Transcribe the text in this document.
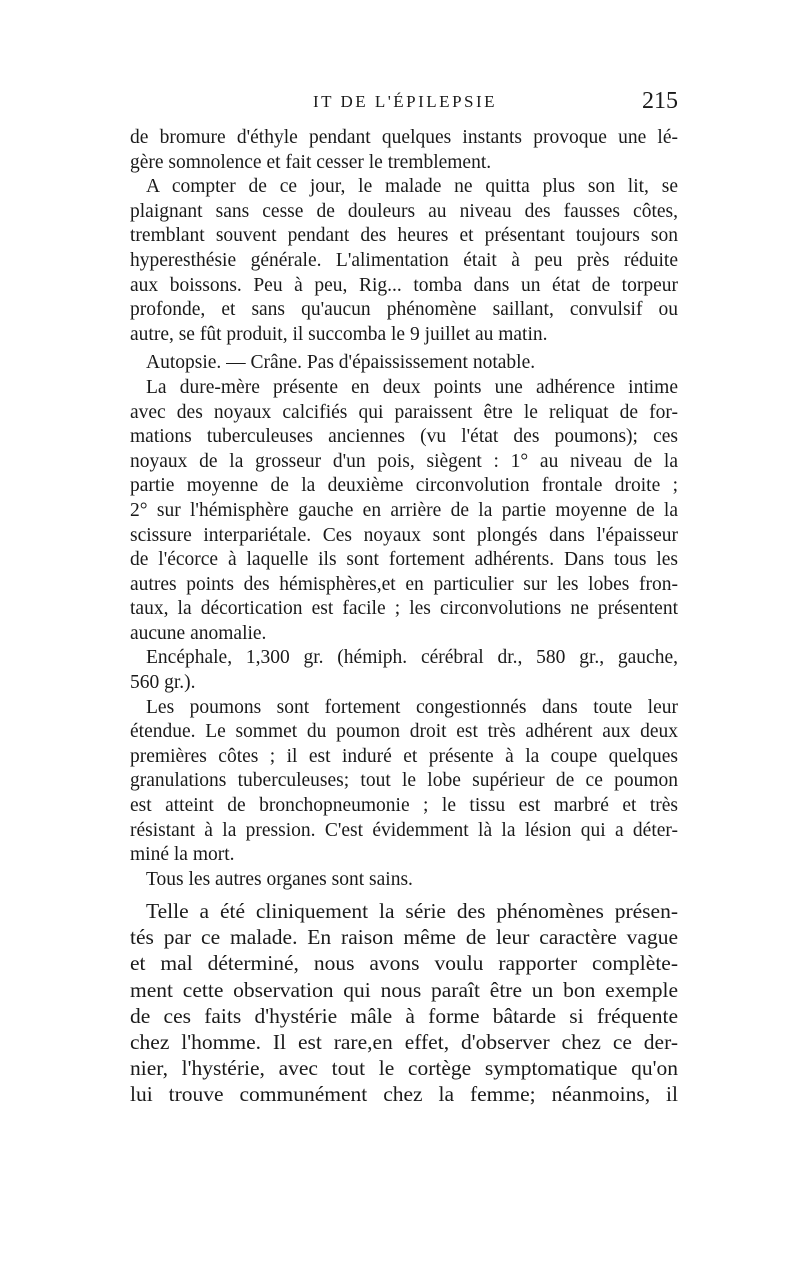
IT DE L'ÉPILEPSIE	215
de bromure d'éthyle pendant quelques instants provoque une lé-
gère somnolence et fait cesser le tremblement.
A compter de ce jour, le malade ne quitta plus son lit, se
plaignant sans cesse de douleurs au niveau des fausses côtes,
tremblant souvent pendant des heures et présentant toujours son
hyperesthésie générale. L'alimentation était à peu près réduite
aux boissons. Peu à peu, Rig... tomba dans un état de torpeur
profonde, et sans qu'aucun phénomène saillant, convulsif ou
autre, se fût produit, il succomba le 9 juillet au matin.
Autopsie. — Crâne. Pas d'épaississement notable.
La dure-mère présente en deux points une adhérence intime
avec des noyaux calcifiés qui paraissent être le reliquat de for-
mations tuberculeuses anciennes (vu l'état des poumons); ces
noyaux de la grosseur d'un pois, siègent : 1° au niveau de la
partie moyenne de la deuxième circonvolution frontale droite ;
2° sur l'hémisphère gauche en arrière de la partie moyenne de la
scissure interpariétale. Ces noyaux sont plongés dans l'épaisseur
de l'écorce à laquelle ils sont fortement adhérents. Dans tous les
autres points des hémisphères,et en particulier sur les lobes fron-
taux, la décortication est facile ; les circonvolutions ne présentent
aucune anomalie.
Encéphale, 1,300 gr. (hémiph. cérébral dr., 580 gr., gauche,
560 gr.).
Les poumons sont fortement congestionnés dans toute leur
étendue. Le sommet du poumon droit est très adhérent aux deux
premières côtes ; il est induré et présente à la coupe quelques
granulations tuberculeuses; tout le lobe supérieur de ce poumon
est atteint de bronchopneumonie ; le tissu est marbré et très
résistant à la pression. C'est évidemment là la lésion qui a déter-
miné la mort.
Tous les autres organes sont sains.
Telle a été cliniquement la série des phénomènes présen-
tés par ce malade. En raison même de leur caractère vague
et mal déterminé, nous avons voulu rapporter complète-
ment cette observation qui nous paraît être un bon exemple
de ces faits d'hystérie mâle à forme bâtarde si fréquente
chez l'homme. Il est rare,en effet, d'observer chez ce der-
nier, l'hystérie, avec tout le cortège symptomatique qu'on
lui trouve communément chez la femme; néanmoins, il
